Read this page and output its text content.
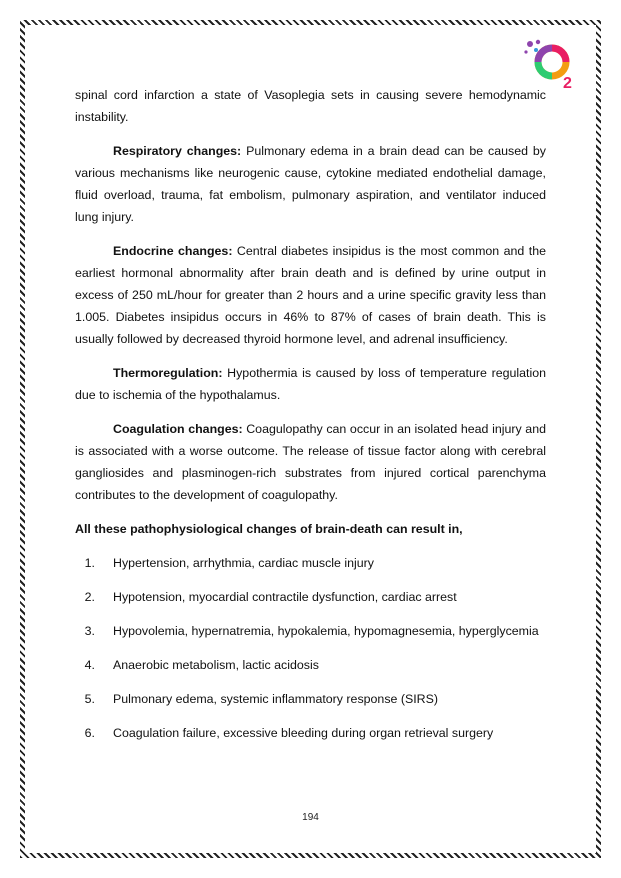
2

spinal cord infarction a state of Vasoplegia sets in causing severe hemodynamic instability.

Respiratory changes: Pulmonary edema in a brain dead can be caused by various mechanisms like neurogenic cause, cytokine mediated endothelial damage, fluid overload, trauma, fat embolism, pulmonary aspiration, and ventilator induced lung injury.

Endocrine changes: Central diabetes insipidus is the most common and the earliest hormonal abnormality after brain death and is defined by urine output in excess of 250 mL/hour for greater than 2 hours and a urine specific gravity less than 1.005. Diabetes insipidus occurs in 46% to 87% of cases of brain death. This is usually followed by decreased thyroid hormone level, and adrenal insufficiency.

Thermoregulation: Hypothermia is caused by loss of temperature regulation due to ischemia of the hypothalamus.

Coagulation changes: Coagulopathy can occur in an isolated head injury and is associated with a worse outcome. The release of tissue factor along with cerebral gangliosides and plasminogen-rich substrates from injured cortical parenchyma contributes to the development of coagulopathy.

All these pathophysiological changes of brain-death can result in,

1. Hypertension, arrhythmia, cardiac muscle injury
2. Hypotension, myocardial contractile dysfunction, cardiac arrest
3. Hypovolemia, hypernatremia, hypokalemia, hypomagnesemia, hyperglycemia
4. Anaerobic metabolism, lactic acidosis
5. Pulmonary edema, systemic inflammatory response (SIRS)
6. Coagulation failure, excessive bleeding during organ retrieval surgery
194
